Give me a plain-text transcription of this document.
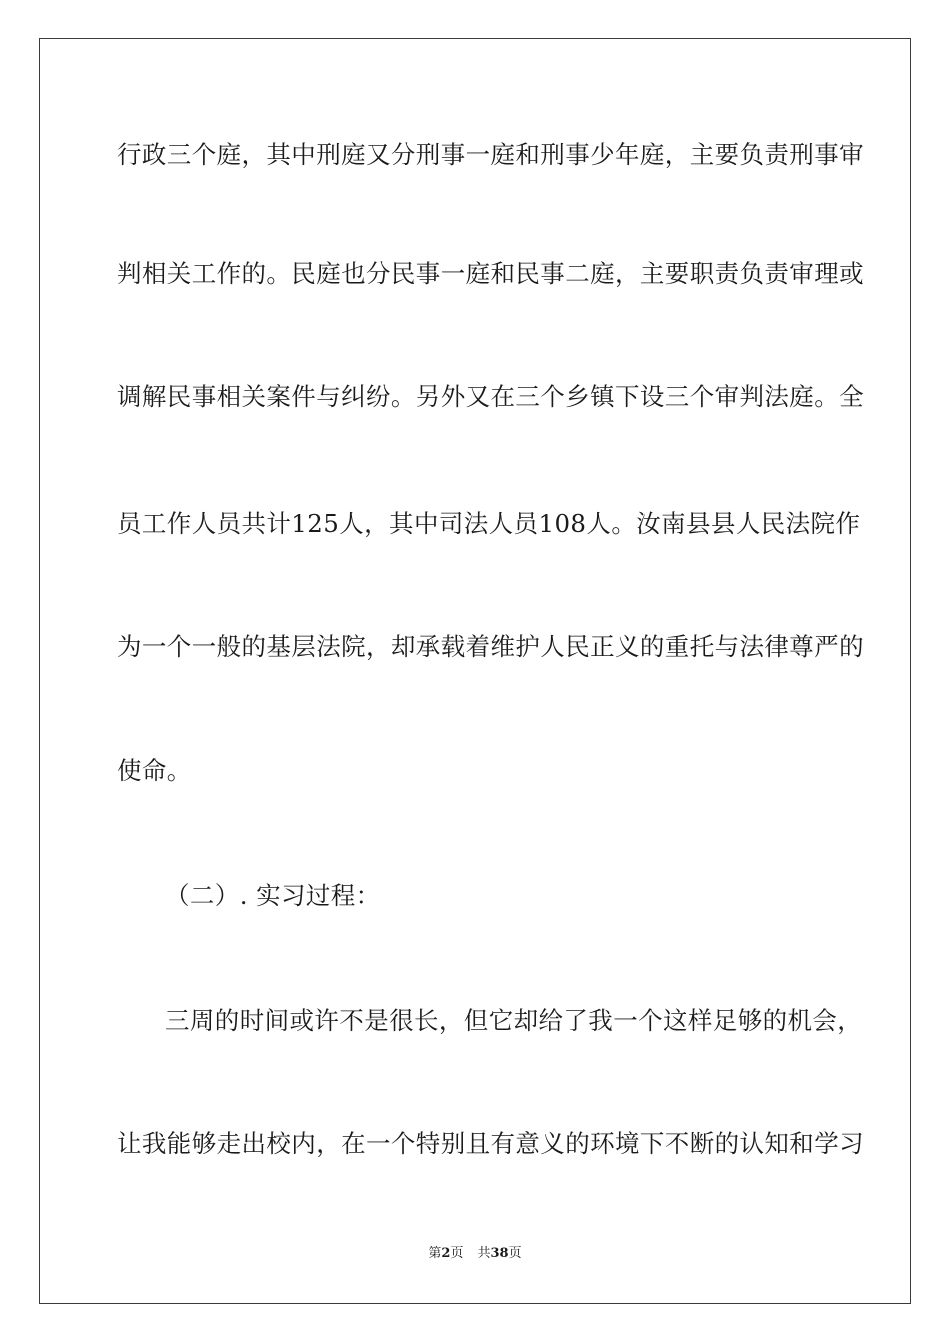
行政三个庭，其中刑庭又分刑事一庭和刑事少年庭，主要负责刑事审
判相关工作的。民庭也分民事一庭和民事二庭，主要职责负责审理或
调解民事相关案件与纠纷。另外又在三个乡镇下设三个审判法庭。全
员工作人员共计125人，其中司法人员108人。汝南县县人民法院作
为一个一般的基层法院，却承载着维护人民正义的重托与法律尊严的
使命。
（二）. 实习过程：
三周的时间或许不是很长，但它却给了我一个这样足够的机会，
让我能够走出校内，在一个特别且有意义的环境下不断的认知和学习
第2页 共38页
